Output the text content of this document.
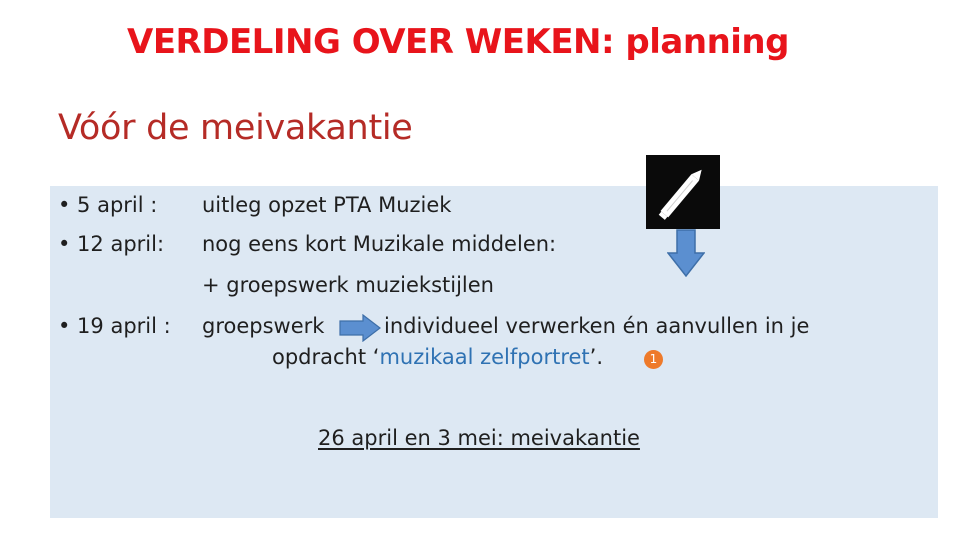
VERDELING OVER WEKEN: planning
Vóór de meivakantie
• 5 april : uitleg opzet PTA Muziek
• 12 april: nog eens kort Muzikale middelen:
+ groepswerk muziekstijlen
• 19 april : groepswerk	individueel verwerken én aanvullen in je
opdracht ‘muzikaal zelfportret’.	1
26 april en 3 mei: meivakantie
